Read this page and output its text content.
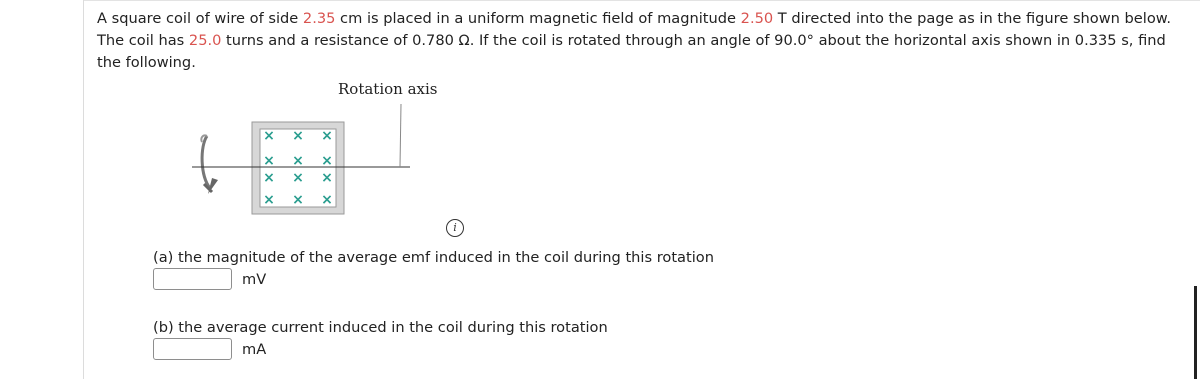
A square coil of wire of side 2.35 cm is placed in a uniform magnetic field of magnitude 2.50 T directed into the page as in the figure shown below. The coil has 25.0 turns and a resistance of 0.780 Ω. If the coil is rotated through an angle of 90.0° about the horizontal axis shown in 0.335 s, find the following.

Rotation axis
× × ×
× × ×
× × ×
× × ×
i

(a) the magnitude of the average emf induced in the coil during this rotation

mV

(b) the average current induced in the coil during this rotation

mA
